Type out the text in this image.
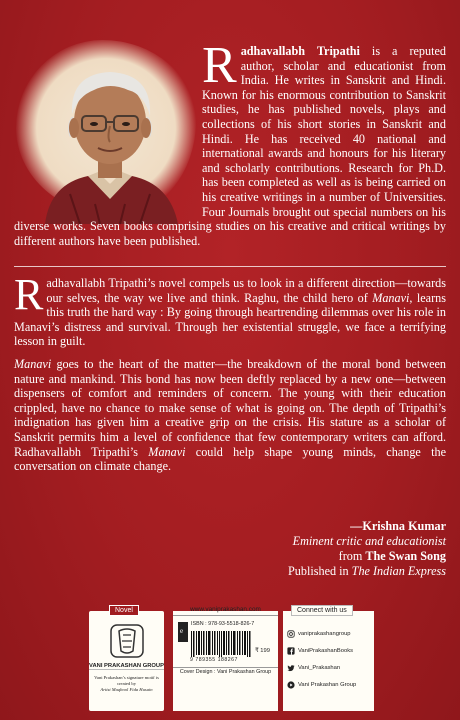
Radhavallabh Tripathi is a reputed author, scholar and educationist from India. He writes in Sanskrit and Hindi. Known for his enormous contribution to Sanskrit studies, he has published novels, plays and collections of his short stories in Sanskrit and Hindi. He has received 40 national and international awards and honours for his literary and scholarly contributions. Research for Ph.D. has been completed as well as is being carried on his creative writings in a number of Universities. Four Journals brought out special numbers on his diverse works. Seven books comprising studies on his creative and critical writings by different authors have been published.

Radhavallabh Tripathi’s novel compels us to look in a different direction—towards our selves, the way we live and think. Raghu, the child hero of Manavi, learns this truth the hard way : By going through heartrending dilemmas over his role in Manavi’s distress and survival. Through her existential struggle, we face a terrifying lesson in guilt.

Manavi goes to the heart of the matter—the breakdown of the moral bond between nature and mankind. This bond has now been deftly replaced by a new one—between dispensers of comfort and reminders of concern. The young with their education crippled, have no chance to make sense of what is going on. The depth of Tripathi’s indignation has given him a creative grip on the crisis. His stature as a scholar of Sanskrit permits him a level of confidence that few contemporary writers can afford. Radhavallabh Tripathi’s Manavi could help shape young minds, change the conversation on climate change.

—Krishna Kumar
Eminent critic and educationist
from The Swan Song
Published in The Indian Express
Novel
VANI PRAKASHAN GROUP
Vani Prakashan’s signature motif is created by
Artist Maqbool Fida Husain
www.vaniprakashan.com
e
ISBN : 978-93-5518-826-7
9 789355 188267
₹ 199
Cover Design : Vani Prakashan Group
Connect with us
vaniprakashangroup
VaniPrakashanBooks
Vani_Prakashan
Vani Prakashan Group
